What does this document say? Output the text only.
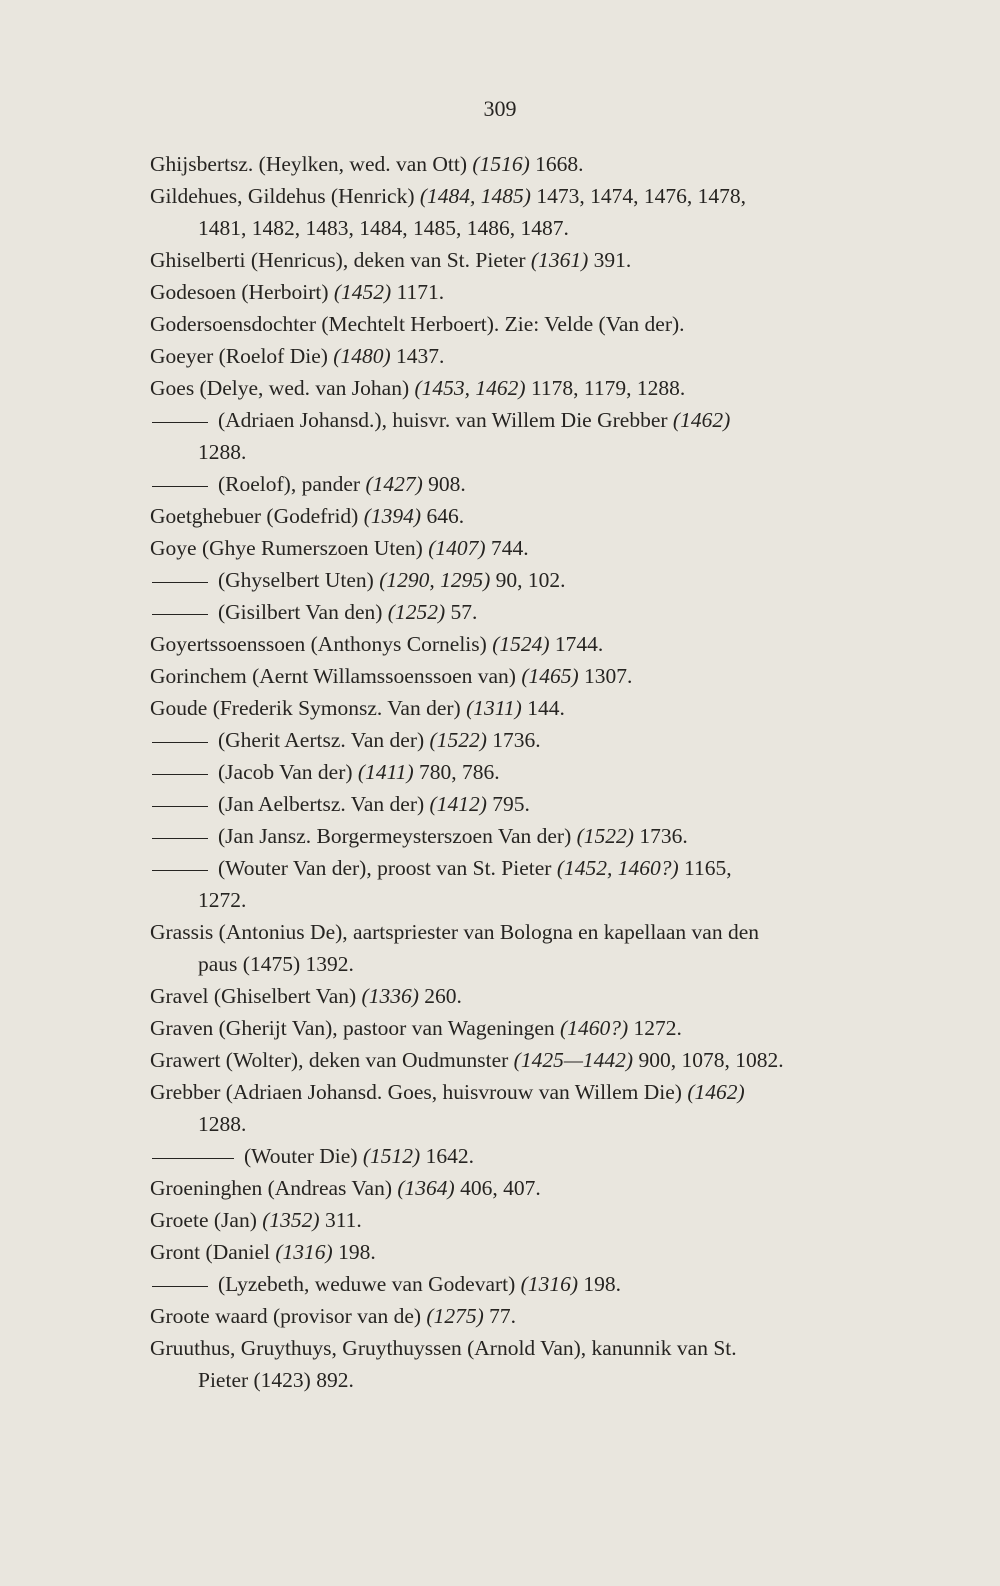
309
Ghijsbertsz. (Heylken, wed. van Ott) (1516) 1668.
Gildehues, Gildehus (Henrick) (1484, 1485) 1473, 1474, 1476, 1478,
1481, 1482, 1483, 1484, 1485, 1486, 1487.
Ghiselberti (Henricus), deken van St. Pieter (1361) 391.
Godesoen (Herboirt) (1452) 1171.
Godersoensdochter (Mechtelt Herboert). Zie: Velde (Van der).
Goeyer (Roelof Die) (1480) 1437.
Goes (Delye, wed. van Johan) (1453, 1462) 1178, 1179, 1288.
(Adriaen Johansd.), huisvr. van Willem Die Grebber (1462)
1288.
(Roelof), pander (1427) 908.
Goetghebuer (Godefrid) (1394) 646.
Goye (Ghye Rumerszoen Uten) (1407) 744.
(Ghyselbert Uten) (1290, 1295) 90, 102.
(Gisilbert Van den) (1252) 57.
Goyertssoenssoen (Anthonys Cornelis) (1524) 1744.
Gorinchem (Aernt Willamssoenssoen van) (1465) 1307.
Goude (Frederik Symonsz. Van der) (1311) 144.
(Gherit Aertsz. Van der) (1522) 1736.
(Jacob Van der) (1411) 780, 786.
(Jan Aelbertsz. Van der) (1412) 795.
(Jan Jansz. Borgermeysterszoen Van der) (1522) 1736.
(Wouter Van der), proost van St. Pieter (1452, 1460?) 1165,
1272.
Grassis (Antonius De), aartspriester van Bologna en kapellaan van den
paus (1475) 1392.
Gravel (Ghiselbert Van) (1336) 260.
Graven (Gherijt Van), pastoor van Wageningen (1460?) 1272.
Grawert (Wolter), deken van Oudmunster (1425—1442) 900, 1078, 1082.
Grebber (Adriaen Johansd. Goes, huisvrouw van Willem Die) (1462)
1288.
(Wouter Die) (1512) 1642.
Groeninghen (Andreas Van) (1364) 406, 407.
Groete (Jan) (1352) 311.
Gront (Daniel (1316) 198.
(Lyzebeth, weduwe van Godevart) (1316) 198.
Groote waard (provisor van de) (1275) 77.
Gruuthus, Gruythuys, Gruythuyssen (Arnold Van), kanunnik van St.
Pieter (1423) 892.
